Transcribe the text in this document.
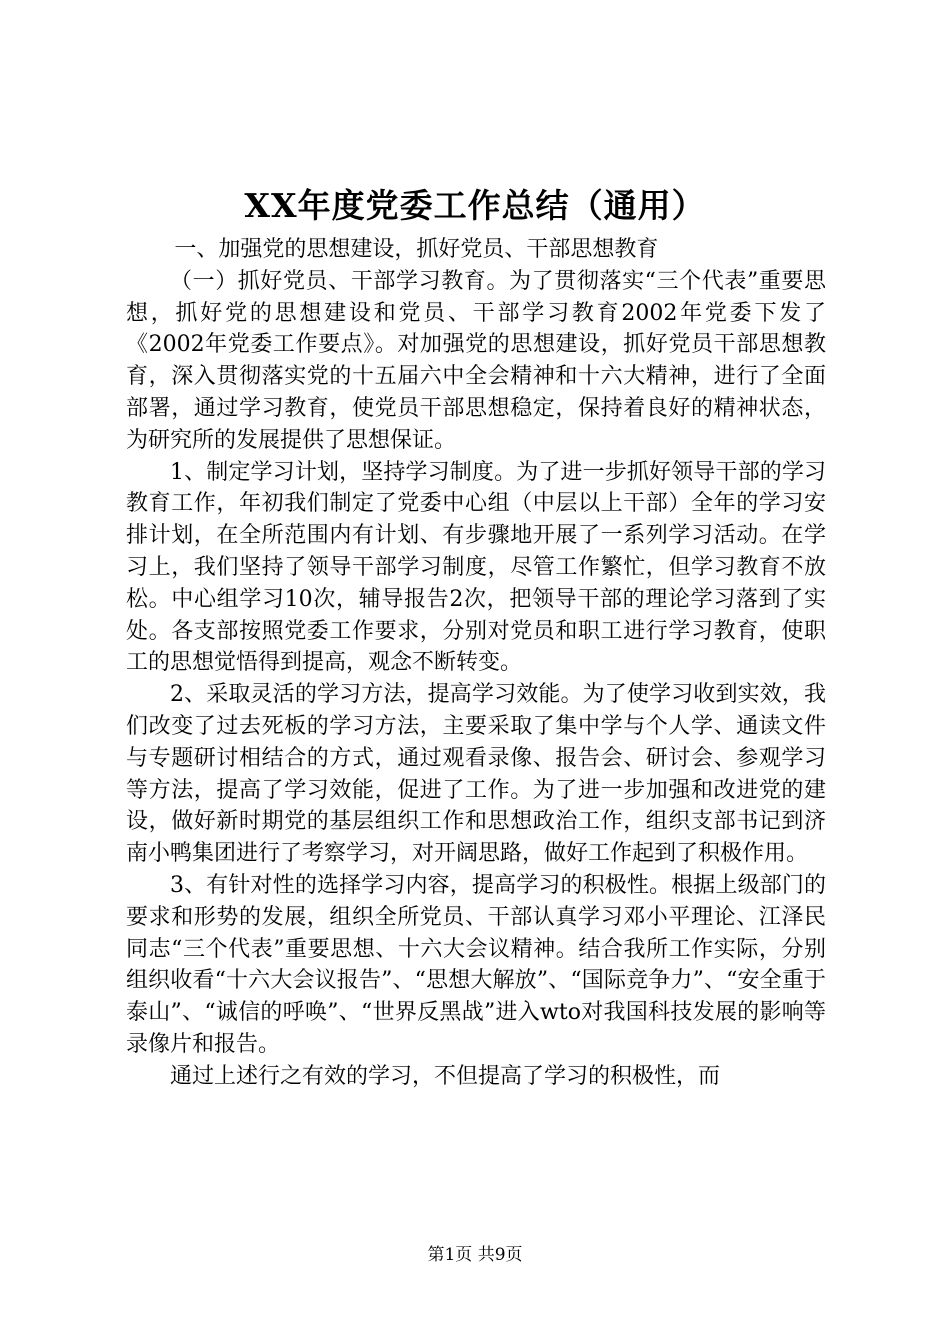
XX年度党委工作总结（通用）

一、加强党的思想建设，抓好党员、干部思想教育

（一）抓好党员、干部学习教育。为了贯彻落实“三个代表”重要思想，抓好党的思想建设和党员、干部学习教育2002年党委下发了《2002年党委工作要点》。对加强党的思想建设，抓好党员干部思想教育，深入贯彻落实党的十五届六中全会精神和十六大精神，进行了全面部署，通过学习教育，使党员干部思想稳定，保持着良好的精神状态，为研究所的发展提供了思想保证。

1、制定学习计划，坚持学习制度。为了进一步抓好领导干部的学习教育工作，年初我们制定了党委中心组（中层以上干部）全年的学习安排计划，在全所范围内有计划、有步骤地开展了一系列学习活动。在学习上，我们坚持了领导干部学习制度，尽管工作繁忙，但学习教育不放松。中心组学习10次，辅导报告2次，把领导干部的理论学习落到了实处。各支部按照党委工作要求，分别对党员和职工进行学习教育，使职工的思想觉悟得到提高，观念不断转变。

2、采取灵活的学习方法，提高学习效能。为了使学习收到实效，我们改变了过去死板的学习方法，主要采取了集中学与个人学、通读文件与专题研讨相结合的方式，通过观看录像、报告会、研讨会、参观学习等方法，提高了学习效能，促进了工作。为了进一步加强和改进党的建设，做好新时期党的基层组织工作和思想政治工作，组织支部书记到济南小鸭集团进行了考察学习，对开阔思路，做好工作起到了积极作用。

3、有针对性的选择学习内容，提高学习的积极性。根据上级部门的要求和形势的发展，组织全所党员、干部认真学习邓小平理论、江泽民同志“三个代表”重要思想、十六大会议精神。结合我所工作实际，分别组织收看“十六大会议报告”、“思想大解放”、“国际竞争力”、“安全重于泰山”、“诚信的呼唤”、“世界反黑战”进入wto对我国科技发展的影响等录像片和报告。

通过上述行之有效的学习，不但提高了学习的积极性，而

第1页 共9页
